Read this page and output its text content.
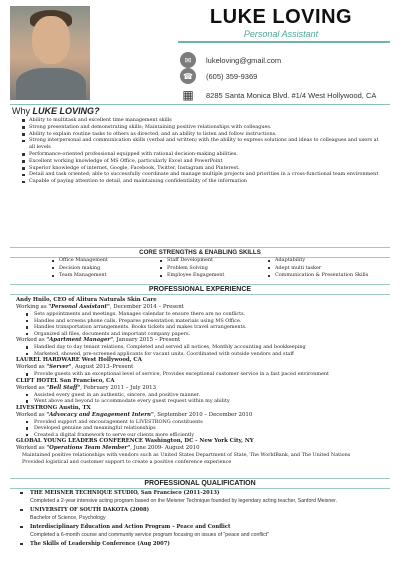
LUKE LOVING
Personal Assistant
✉	lukeloving@gmail.com
☎	(605) 359-9369
▦	8285 Santa Monica Blvd. #1/4 West Hollywood, CA
Why LUKE LOVING?
Ability to multitask and excellent time management skills
Strong presentation and demonstrating skills; Maintaining positive relationships with colleagues.
Ability to explain routine tasks to others as directed, and an ability to listen and follow instructions.
Strong interpersonal and communication skills (verbal and written) with the ability to express solutions and ideas to colleagues and users at all levels
Performance-oriented professional equipped with rational decision-making abilities.
Excellent working knowledge of MS Office, particularly Excel and PowerPoint
Superior knowledge of internet, Google, Facebook, Twitter, Instagram and Pinterest.
Detail and task oriented; able to successfully coordinate and manage multiple projects and priorities in a cross-functional team environment
Capable of paying attention to detail, and maintaining confidentiality of the information
CORE STRENGTHS & ENABLING SKILLS
Office Management	Staff Development	Adaptability
Decision making	Problem Solving	Adept multi tasker
Team Management	Employee Engagement	Communication & Presentation Skills
PROFESSIONAL EXPERIENCE
Andy Hnilo, CEO of Alitura Naturals Skin Care
Working as "Personal Assistant", December 2014 – Present
Sets appointments and meetings. Manages calendar to ensure there are no conflicts.
Handles and screens phone calls. Prepares presentation materials using MS Office.
Handles transportation arrangements. Books tickets and makes travel arrangements.
Organized all files, documents and important company papers.
Worked as "Apartment Manager", January 2015 – Present
Handled day to day tenant relations, Completed and served all notices, Monthly accounting and bookkeeping
Marketed, showed, pre-screened applicants for vacant units, Coordinated with outside vendors and staff
LAUREL HARDWARE West Hollywood, CA
Worked as "Server", August 2013–Present
Provide guests with an exceptional level of service, Provides exceptional customer service in a fast paced environment
CLIFT HOTEL San Francisco, CA
Worked as "Bell Staff", February 2011 – July 2013
Assisted every guest in an authentic, sincere, and positive manner.
Went above and beyond to accommodate every guest request within my ability
LIVESTRONG Austin, TX
Worked as "Advocacy and Engagement Intern", September 2010 – December 2010
Provided support and encouragement to LIVESTRONG constituents
Developed genuine and meaningful relationships
Created a digital framework to serve our clients more efficiently
GLOBAL YOUNG LEADERS CONFERENCE Washington, DC - New York City, NY
Worked as "Operations Team Member", June 2009- August 2010
Maintained positive relationships with vendors such as United States Department of State, The WorldBank, and The United Nations
Provided logistical and customer support to create a positive conference experience
PROFESSIONAL QUALIFICATION
THE MEISNER TECHNIQUE STUDIO, San Francisco (2011-2013)
Completed a 2-year intensive acting program based on the Meisner Technique founded by legendary acting teacher, Sanford Meisner.
UNIVERSITY OF SOUTH DAKOTA (2008)
Bachelor of Science, Psychology
Interdisciplinary Education and Action Program – Peace and Conflict
Completed a 6-month course and community service program focusing on issues of "peace and conflict"
The Skills of Leadership Conference (Aug 2007)
